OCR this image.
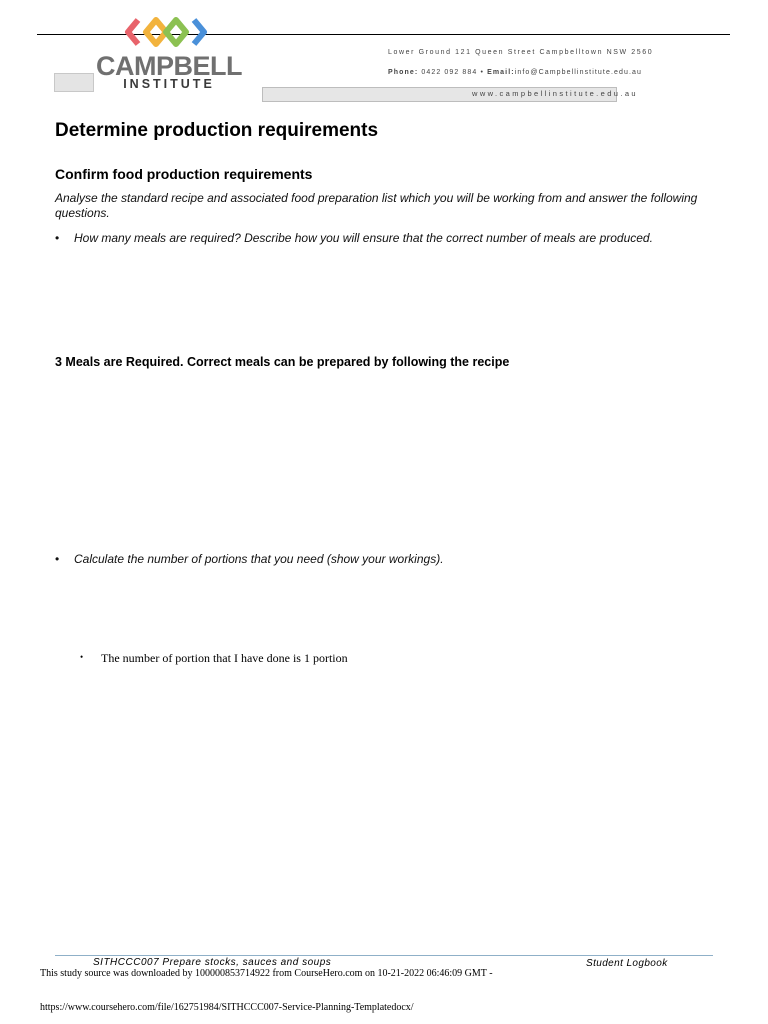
CAMPBELL
INSTITUTE
Lower Ground 121 Queen Street Campbelltown NSW 2560
Phone: 0422 092 884 • Email:info@Campbellinstitute.edu.au
www.campbellinstitute.edu.au
Determine production requirements
Confirm food production requirements
Analyse the standard recipe and associated food preparation list which you will be working from and answer the following questions.
• How many meals are required? Describe how you will ensure that the correct number of meals are produced.
3 Meals are Required. Correct meals can be prepared by following the recipe
• Calculate the number of portions that you need (show your workings).
• The number of portion that I have done is 1 portion
SITHCCC007 Prepare stocks, sauces and soups	Student Logbook
This study source was downloaded by 100000853714922 from CourseHero.com on 10-21-2022 06:46:09 GMT -
https://www.coursehero.com/file/162751984/SITHCCC007-Service-Planning-Templatedocx/
